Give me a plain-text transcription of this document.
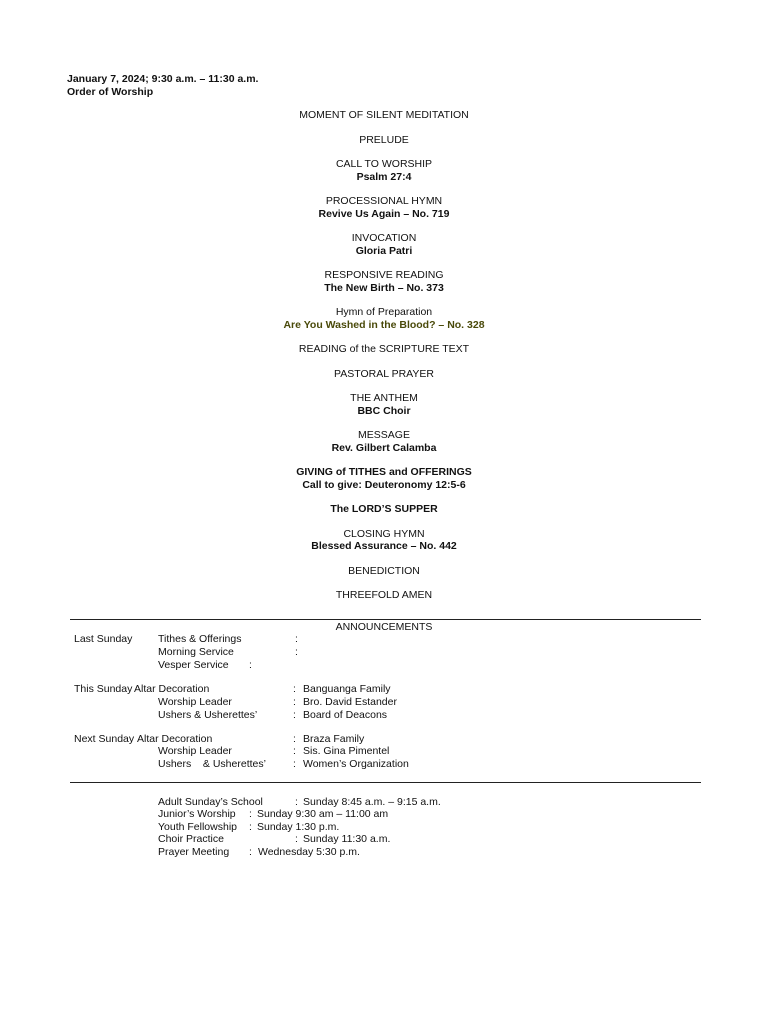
January 7, 2024; 9:30 a.m. – 11:30 a.m.
Order of Worship
MOMENT OF SILENT MEDITATION
PRELUDE
CALL TO WORSHIP
Psalm 27:4
PROCESSIONAL HYMN
Revive Us Again – No. 719
INVOCATION
Gloria Patri
RESPONSIVE READING
The New Birth – No. 373
Hymn of Preparation
Are You Washed in the Blood? – No. 328
READING of the SCRIPTURE TEXT
PASTORAL PRAYER
THE ANTHEM
BBC Choir
MESSAGE
Rev. Gilbert Calamba
GIVING of TITHES and OFFERINGS
Call to give: Deuteronomy 12:5-6
The LORD’S SUPPER
CLOSING HYMN
Blessed Assurance – No. 442
BENEDICTION
THREEFOLD AMEN
ANNOUNCEMENTS
Last Sunday Tithes & Offerings	:
Morning Service	:
Vesper Service :
This Sunday Altar Decoration	: Banguanga Family
Worship Leader	: Bro. David Estander
Ushers & Usherettes’	: Board of Deacons
Next Sunday Altar Decoration	: Braza Family
Worship Leader	: Sis. Gina Pimentel
Ushers    & Usherettes’	: Women’s Organization
Adult Sunday’s School	: Sunday 8:45 a.m. – 9:15 a.m.
Junior’s Worship : Sunday 9:30 am – 11:00 am
Youth Fellowship : Sunday 1:30 p.m.
Choir Practice	: Sunday 11:30 a.m.
Prayer Meeting : Wednesday 5:30 p.m.
